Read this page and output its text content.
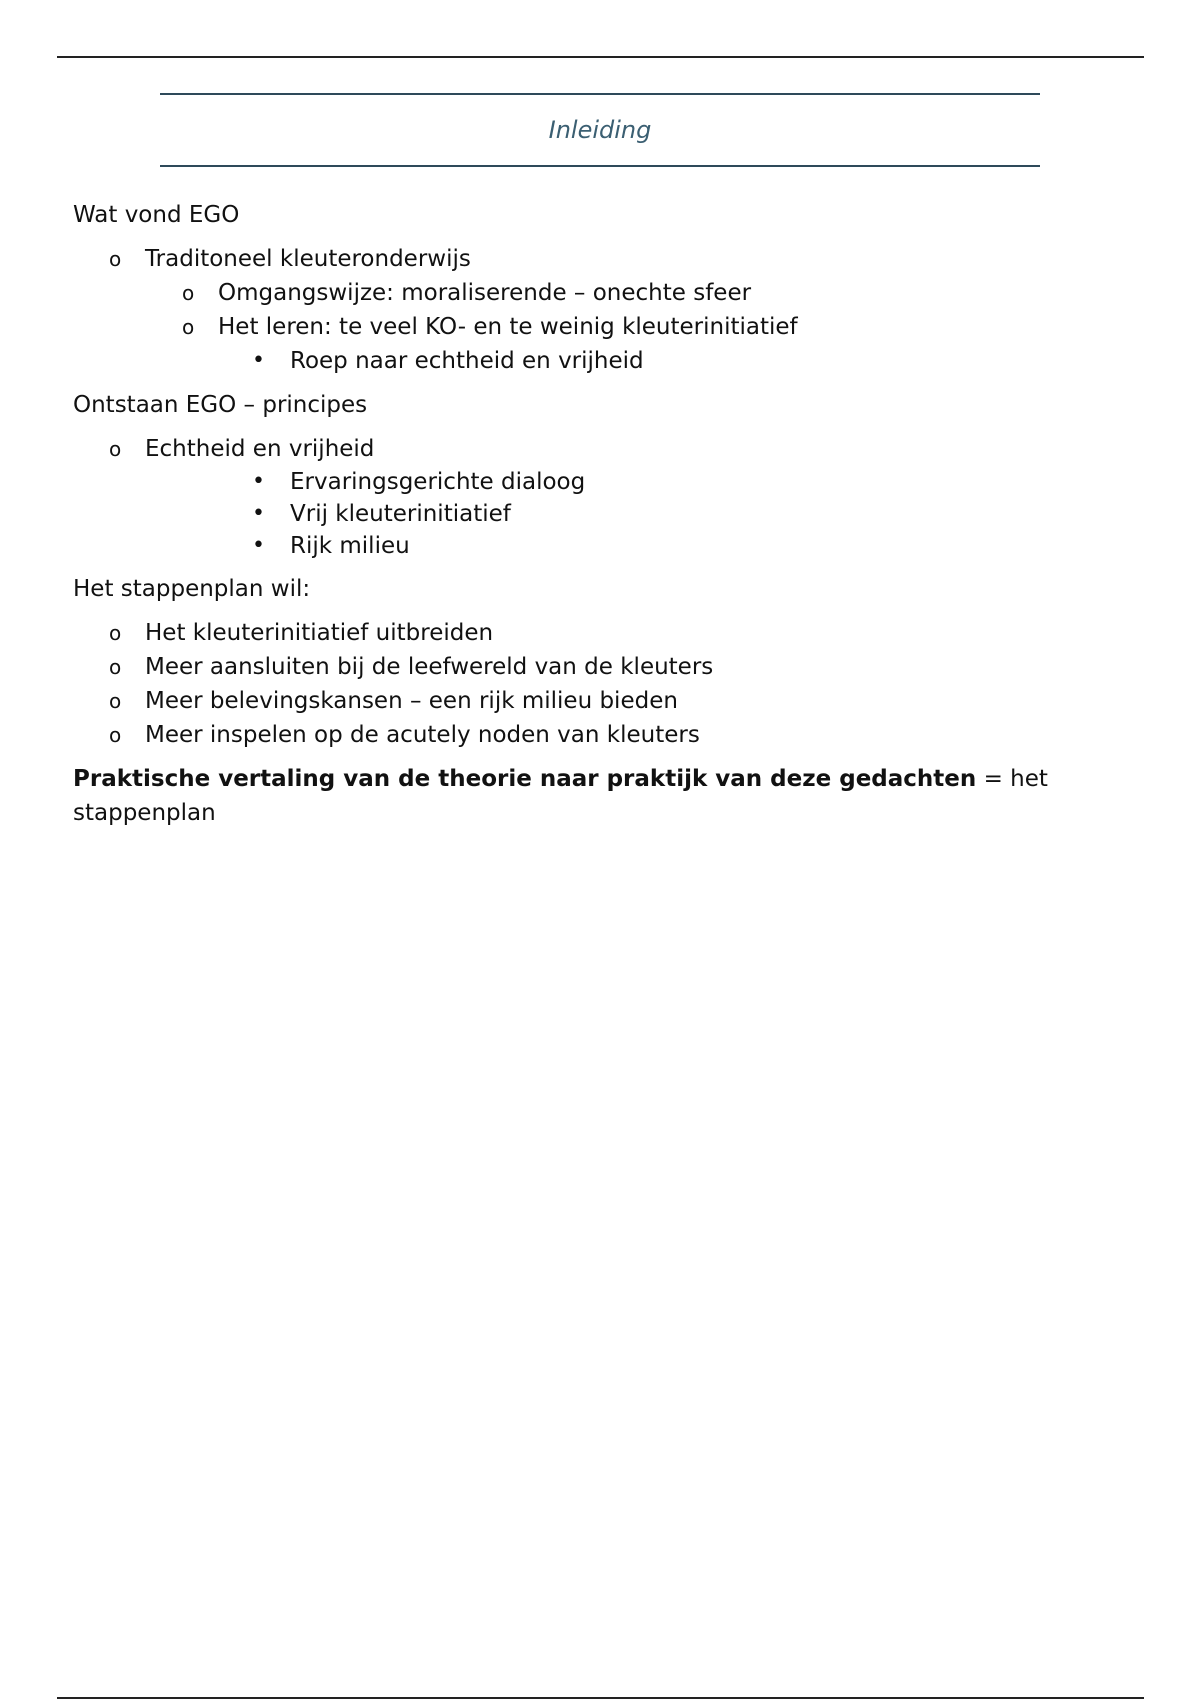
Inleiding

Wat vond EGO

o	Traditoneel kleuteronderwijs
o	Omgangswijze: moraliserende – onechte sfeer
o	Het leren: te veel KO- en te weinig kleuterinitiatief
•	Roep naar echtheid en vrijheid

Ontstaan EGO – principes

o	Echtheid en vrijheid
•	Ervaringsgerichte dialoog
•	Vrij kleuterinitiatief
•	Rijk milieu

Het stappenplan wil:

o	Het kleuterinitiatief uitbreiden
o	Meer aansluiten bij de leefwereld van de kleuters
o	Meer belevingskansen – een rijk milieu bieden
o	Meer inspelen op de acutely noden van kleuters

Praktische vertaling van de theorie naar praktijk van deze gedachten = het stappenplan
